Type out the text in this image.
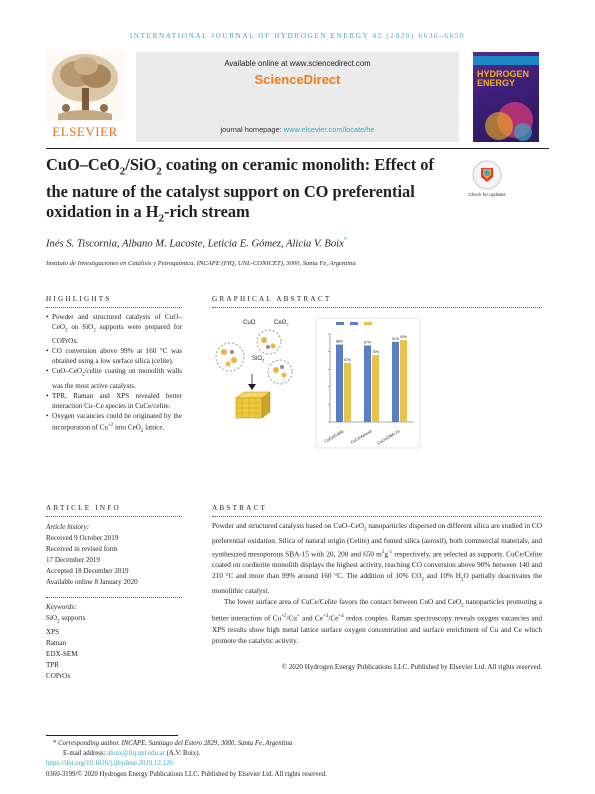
INTERNATIONAL JOURNAL OF HYDROGEN ENERGY 45 (2020) 6636–6650
ELSEVIER
Available online at www.sciencedirect.com
ScienceDirect
journal homepage: www.elsevier.com/locate/he
HYDROGEN
ENERGY
CuO–CeO$_2$/SiO$_2$ coating on ceramic monolith: Effect of the nature of the catalyst support on CO preferential oxidation in a $H_2$-rich stream
Check for updates
Inés S. Tiscornia, Albano M. Lacoste, Leticia E. Gómez, Alicia V. Boix*
Instituto de Investigaciones en Catálisis y Petroquímica, INCAPE (FIQ, UNL-CONICET), 3000, Santa Fe, Argentina
HIGHLIGHTS
• Powder and structured catalysts of CuO–CeO$_2$ on SiO$_2$ supports were prepared for COPrOx.
• CO conversion above 99% at 160 °C was obtained using a low surface silica (celite).
• CuO–CeO$_2$/celite coating on monolith walls was the most active catalysts.
• TPR, Raman and XPS revealed better interaction Cu–Ce species in CuCe/celite.
• Oxygen vacancies could be originated by the incorporation of $Cu^{+2}$ into CeO$_2$ lattice.
GRAPHICAL ABSTRACT
CuO	CeO$_2$
SiO$_2$
88%
67%
CuCe/Celite
87%
76%
CuCe/Aerosil
91% 93%
CuCe/SBA-15
ARTICLE INFO
Article history:
Received 9 October 2019
Received in revised form
17 December 2019
Accepted 18 December 2019
Available online 8 January 2020
Keywords:
SiO$_2$ supports
XPS
Raman
EDX-SEM
TPR
COPrOx
ABSTRACT

Powder and structured catalysts based on CuO–CeO$_2$ nanoparticles dispersed on different silica are studied in CO preferential oxidation. Silica of natural origin (Celite) and fumed silica (aerosil), both commercial materials, and synthesized mesoporous SBA-15 with 20, 200 and 650 $m^2g^{-1}$ respectively, are selected as supports. CuCe/Celite coated on cordierite monolith displays the highest activity, reaching CO conversion above 90% between 140 and 210 °C and more than 99% around 160 °C. The addition of 10% $CO_2$ and 10% $H_2O$ partially deactivates the monolithic catalyst.

The lower surface area of CuCe/Celite favors the contact between CuO and CeO$_2$ nanoparticles promoting a better interaction of $Cu^{+2}/Cu^+$ and $Ce^{+3}/Ce^{+4}$ redox couples. Raman spectroscopy reveals oxygen vacancies and XPS results show high metal lattice surface oxygen concentration and surface enrichment of Cu and Ce which promote the catalytic activity.

© 2020 Hydrogen Energy Publications LLC. Published by Elsevier Ltd. All rights reserved.
* Corresponding author. INCAPE. Santiago del Estero 2829, 3000, Santa Fe, Argentina
E-mail address: aboix@fiq.unl.edu.ar (A.V. Boix).
https://doi.org/10.1016/j.ijhydene.2019.12.126
0360-3199/© 2020 Hydrogen Energy Publications LLC. Published by Elsevier Ltd. All rights reserved.
